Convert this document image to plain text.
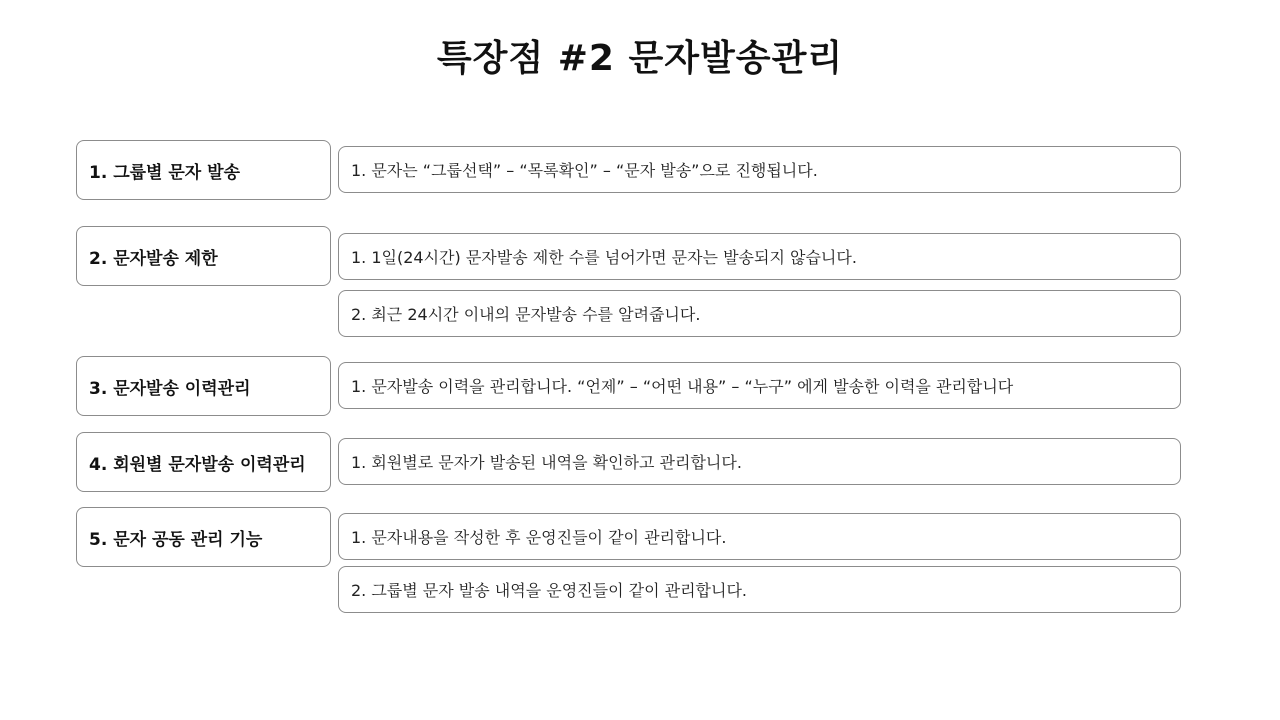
특장점 #2 문자발송관리
1. 그룹별 문자 발송	1. 문자는 “그룹선택” – “목록확인” – “문자 발송”으로 진행됩니다.
2. 문자발송 제한	1. 1일(24시간) 문자발송 제한 수를 넘어가면 문자는 발송되지 않습니다.
2. 최근 24시간 이내의 문자발송 수를 알려줍니다.
3. 문자발송 이력관리	1. 문자발송 이력을 관리합니다. “언제” – “어떤 내용” – “누구” 에게 발송한 이력을 관리합니다
4. 회원별 문자발송 이력관리	1. 회원별로 문자가 발송된 내역을 확인하고 관리합니다.
5. 문자 공동 관리 기능	1. 문자내용을 작성한 후 운영진들이 같이 관리합니다.
2. 그룹별 문자 발송 내역을 운영진들이 같이 관리합니다.
